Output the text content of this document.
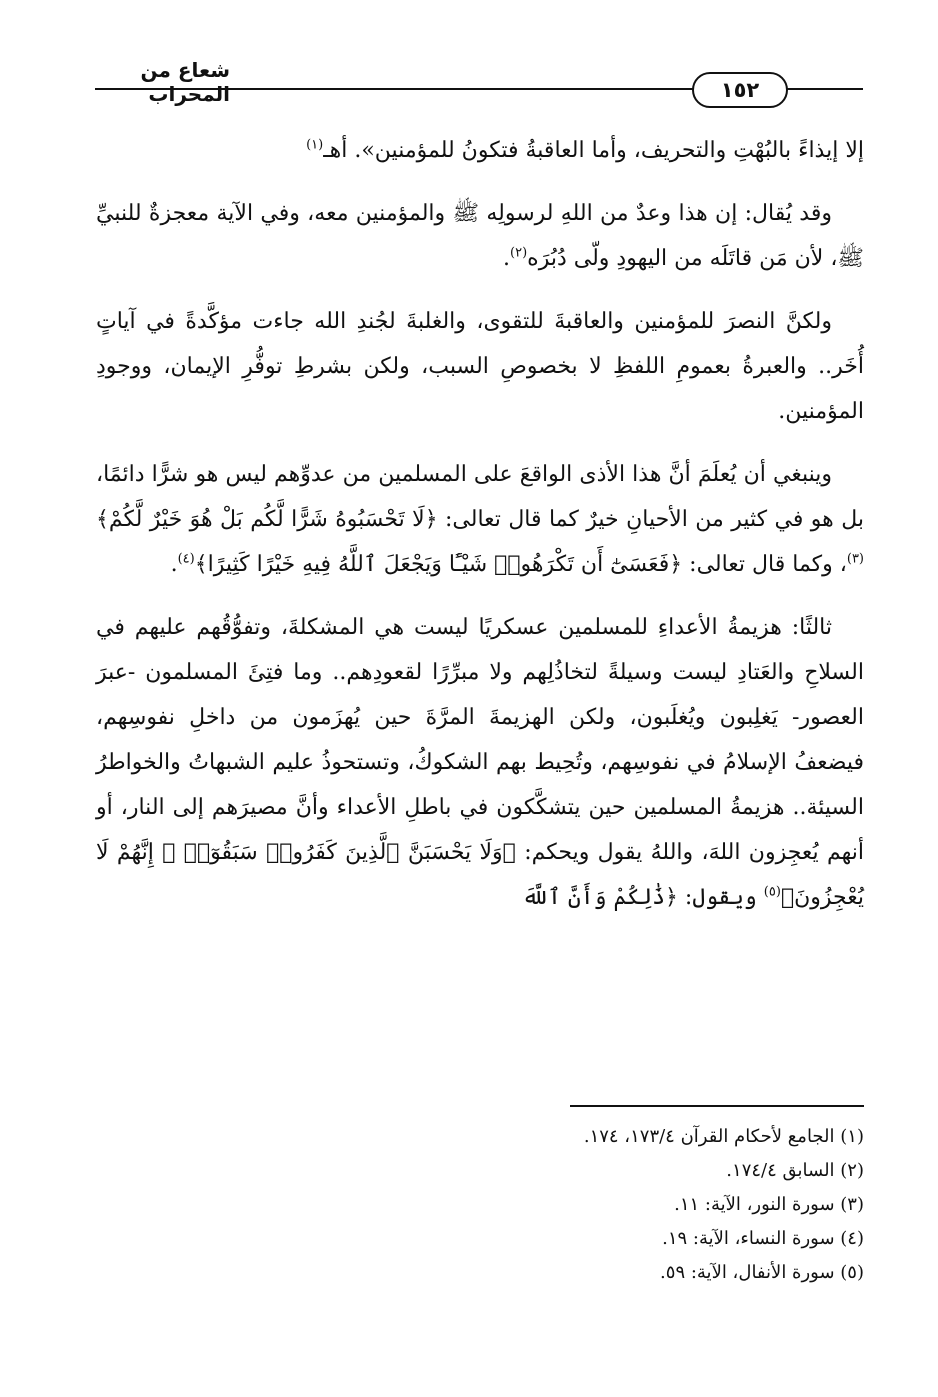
شعاع من المحراب	١٥٢

إلا إيذاءً بالبُهْتِ والتحريف، وأما العاقبةُ فتكونُ للمؤمنين». أهـ$^{(١)}$

وقد يُقال: إن هذا وعدٌ من اللهِ لرسولِه ﷺ والمؤمنين معه، وفي الآية معجزةٌ للنبيِّ ﷺ، لأن مَن قاتَلَه من اليهودِ ولّى دُبُرَه$^{(٢)}$.

ولكنَّ النصرَ للمؤمنين والعاقبةَ للتقوى، والغلبةَ لجُندِ الله جاءت مؤكَّدةً في آياتٍ أُخَر.. والعبرةُ بعمومِ اللفظِ لا بخصوصِ السبب، ولكن بشرطِ توفُّرِ الإيمان، ووجودِ المؤمنين.

وينبغي أن يُعلَمَ أنَّ هذا الأذى الواقعَ على المسلمين من عدوِّهم ليس هو شرًّا دائمًا، بل هو في كثير من الأحيانِ خيرٌ كما قال تعالى: ﴿لَا تَحْسَبُوهُ شَرًّا لَّكُم بَلْ هُوَ خَيْرٌ لَّكُمْ﴾$^{(٣)}$، وكما قال تعالى: ﴿فَعَسَىٰٓ أَن تَكْرَهُوا۟ شَيْـًٔا وَيَجْعَلَ ٱللَّهُ فِيهِ خَيْرًا كَثِيرًا﴾$^{(٤)}$.

ثالثًا: هزيمةُ الأعداءِ للمسلمين عسكريًا ليست هي المشكلةَ، وتفوُّقُهم عليهم في السلاحِ والعَتادِ ليست وسيلةً لتخاذُلِهم ولا مبرِّرًا لقعودِهم.. وما فتِئَ المسلمون -عبرَ العصور- يَغلِبون ويُغلَبون، ولكن الهزيمةَ المرَّةَ حين يُهزَمون من داخلِ نفوسِهم، فيضعفُ الإسلامُ في نفوسِهم، وتُحِيط بهم الشكوكُ، وتستحوذُ عليم الشبهاتُ والخواطرُ السيئة.. هزيمةُ المسلمين حين يتشكَّكون في باطلِ الأعداء وأنَّ مصيرَهم إلى النار، أو أنهم يُعجِزون اللهَ، واللهُ يقول ويحكم: ﴿وَلَا يَحْسَبَنَّ ٱلَّذِينَ كَفَرُوا۟ سَبَقُوٓا۟ ۚ إِنَّهُمْ لَا يُعْجِزُونَ﴾$^{(٥)}$ ويقول: ﴿ذَٰلِكُمْ وَأَنَّ ٱللَّهَ

(١) الجامع لأحكام القرآن ١٧٣/٤، ١٧٤.

(٢) السابق ١٧٤/٤.

(٣) سورة النور، الآية: ١١.

(٤) سورة النساء، الآية: ١٩.

(٥) سورة الأنفال، الآية: ٥٩.
